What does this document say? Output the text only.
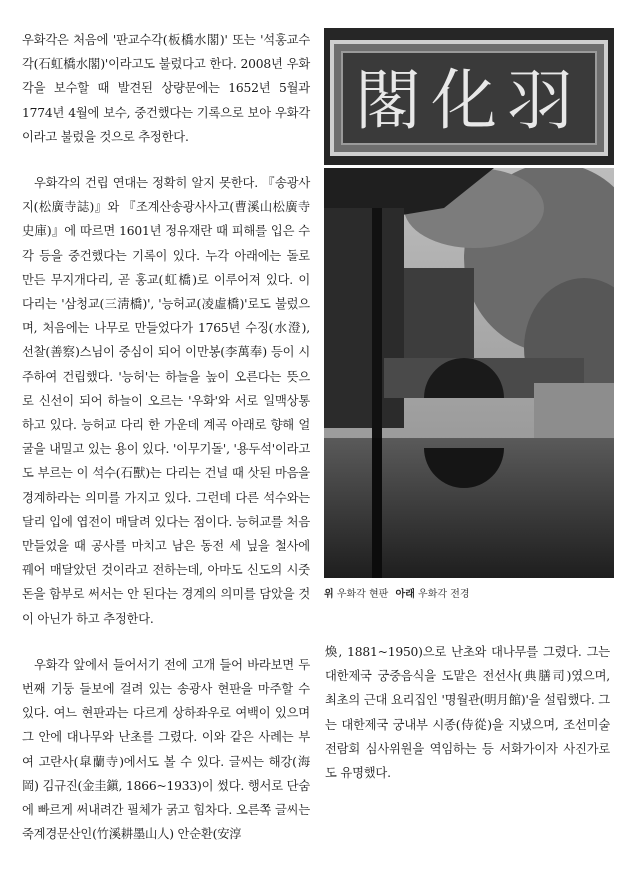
우화각은 처음에 '판교수각(板橋水閣)' 또는 '석홍교수각(石虹橋水閣)'이라고도 불렀다고 한다. 2008년 우화각을 보수할 때 발견된 상량문에는 1652년 5월과 1774년 4월에 보수, 중건했다는 기록으로 보아 우화각이라고 불렀을 것으로 추정한다.

우화각의 건립 연대는 정확히 알지 못한다. 『송광사지(松廣寺誌)』와 『조계산송광사사고(曹溪山松廣寺史庫)』에 따르면 1601년 정유재란 때 피해를 입은 수각 등을 중건했다는 기록이 있다. 누각 아래에는 돌로 만든 무지개다리, 곧 홍교(虹橋)로 이루어져 있다. 이 다리는 '삼청교(三淸橋)', '능허교(凌虛橋)'로도 불렀으며, 처음에는 나무로 만들었다가 1765년 수징(水澄), 선찰(善察)스님이 중심이 되어 이만봉(李萬奉) 등이 시주하여 건립했다. '능허'는 하늘을 높이 오른다는 뜻으로 신선이 되어 하늘이 오르는 '우화'와 서로 일맥상통하고 있다. 능허교 다리 한 가운데 계곡 아래로 향해 얼굴을 내밀고 있는 용이 있다. '이무기돌', '용두석'이라고도 부르는 이 석수(石獸)는 다리는 건널 때 삿된 마음을 경계하라는 의미를 가지고 있다. 그런데 다른 석수와는 달리 입에 엽전이 매달려 있다는 점이다. 능허교를 처음 만들었을 때 공사를 마치고 남은 동전 세 닢을 철사에 꿰어 매달았던 것이라고 전하는데, 아마도 신도의 시줏돈을 함부로 써서는 안 된다는 경계의 의미를 담았을 것이 아닌가 하고 추정한다.

우화각 앞에서 들어서기 전에 고개 들어 바라보면 두 번째 기둥 들보에 걸려 있는 송광사 현판을 마주할 수 있다. 여느 현판과는 다르게 상하좌우로 여백이 있으며 그 안에 대나무와 난초를 그렸다. 이와 같은 사례는 부여 고란사(皐蘭寺)에서도 볼 수 있다. 글씨는 해강(海岡) 김규진(金圭鎭, 1866~1933)이 썼다. 행서로 단숨에 빠르게 써내려간 필체가 굵고 힘차다. 오른쪽 글씨는 죽계경문산인(竹溪耕墨山人) 안순환(安淳

閣化羽
위 우화각 현판 아래 우화각 전경

煥, 1881~1950)으로 난초와 대나무를 그렸다. 그는 대한제국 궁중음식을 도맡은 전선사(典膳司)였으며, 최초의 근대 요리집인 '명월관(明月館)'을 설립했다. 그는 대한제국 궁내부 시종(侍從)을 지냈으며, 조선미술전람회 심사위원을 역임하는 등 서화가이자 사진가로도 유명했다.
